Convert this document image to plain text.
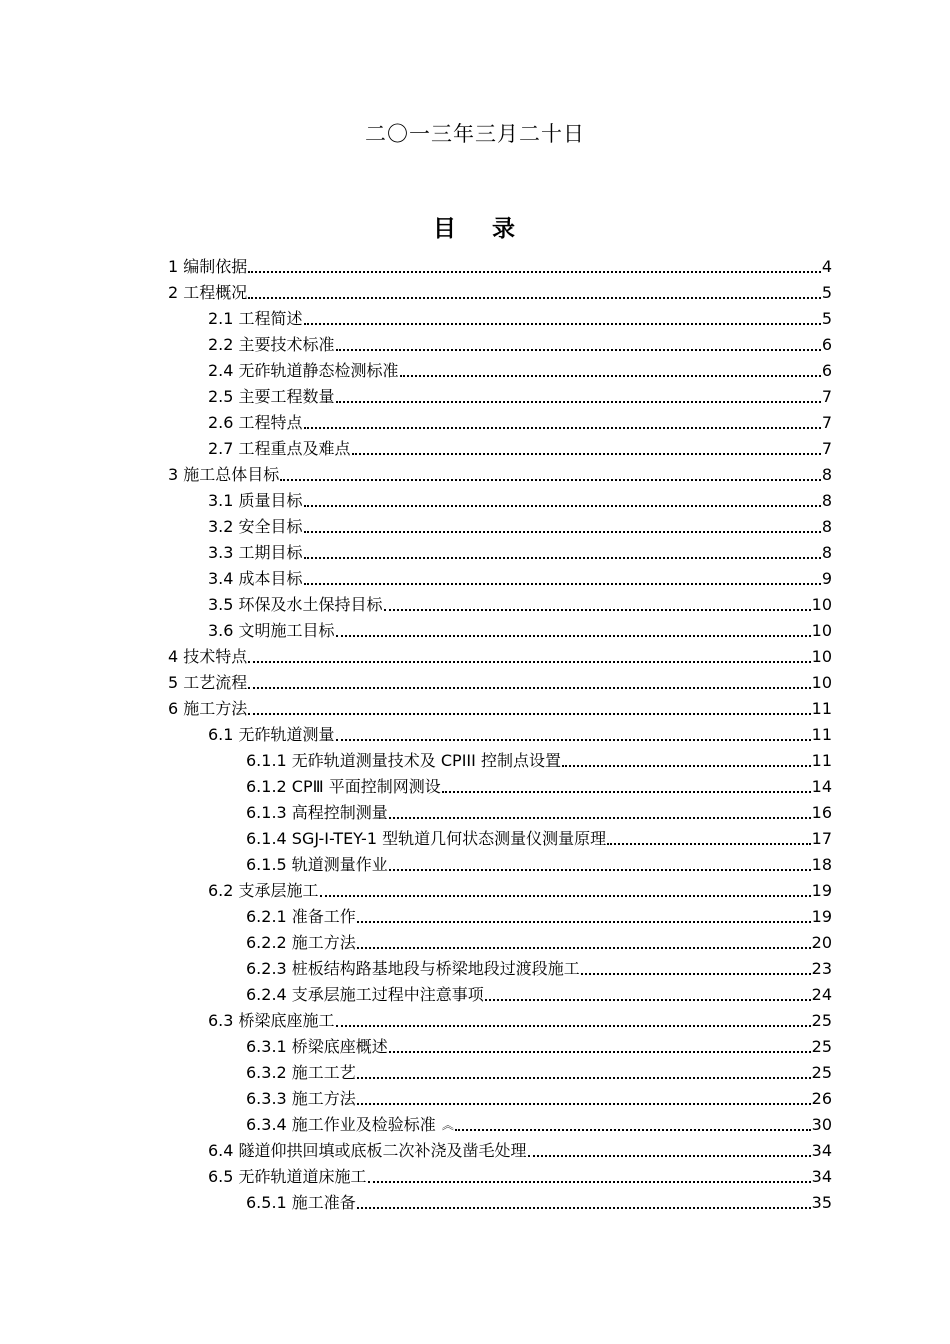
二〇一三年三月二十日
目 录
1 编制依据	4
2 工程概况	5
2.1 工程简述	5
2.2 主要技术标准	6
2.4 无砟轨道静态检测标准	6
2.5 主要工程数量	7
2.6 工程特点	7
2.7 工程重点及难点	7
3 施工总体目标	8
3.1 质量目标	8
3.2 安全目标	8
3.3 工期目标	8
3.4 成本目标	9
3.5 环保及水土保持目标	10
3.6 文明施工目标	10
4 技术特点	10
5 工艺流程	10
6 施工方法	11
6.1 无砟轨道测量	11
6.1.1 无砟轨道测量技术及 CPIII 控制点设置	11
6.1.2 CPⅢ 平面控制网测设	14
6.1.3 高程控制测量	16
6.1.4 SGJ-I-TEY-1 型轨道几何状态测量仪测量原理	17
6.1.5 轨道测量作业	18
6.2 支承层施工	19
6.2.1 准备工作	19
6.2.2 施工方法	20
6.2.3 桩板结构路基地段与桥梁地段过渡段施工	23
6.2.4 支承层施工过程中注意事项	24
6.3 桥梁底座施工	25
6.3.1 桥梁底座概述	25
6.3.2 施工工艺	25
6.3.3 施工方法	26
6.3.4 施工作业及检验标准 ︽	30
6.4 隧道仰拱回填或底板二次补浇及凿毛处理	34
6.5 无砟轨道道床施工	34
6.5.1 施工准备	35
